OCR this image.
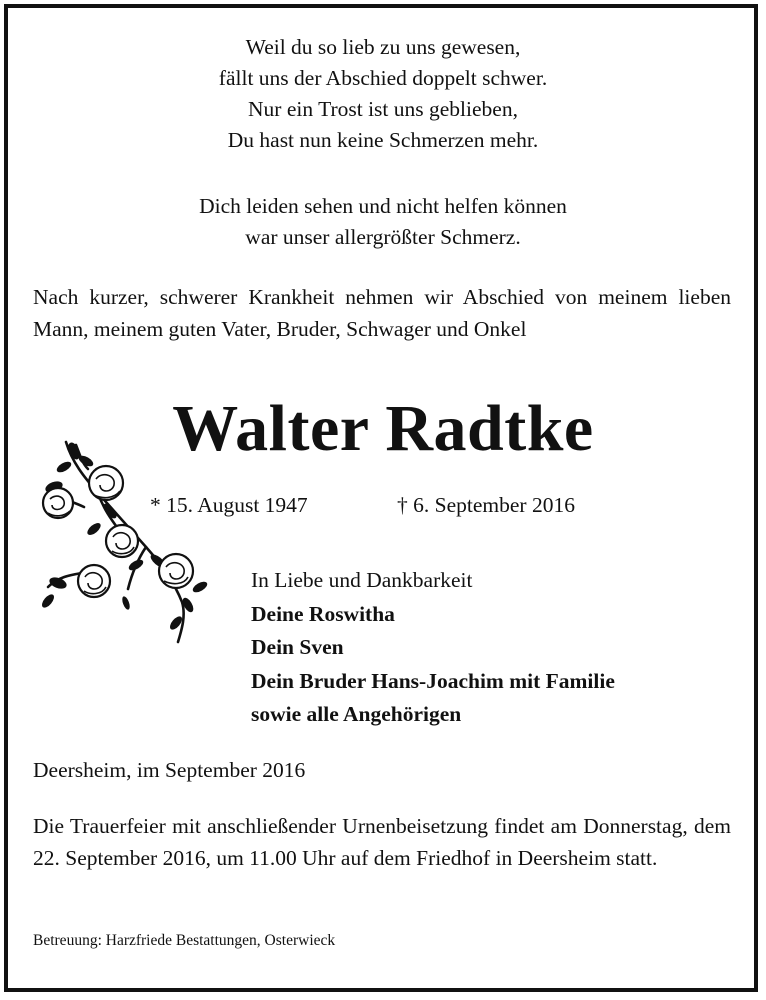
Weil du so lieb zu uns gewesen,
fällt uns der Abschied doppelt schwer.
Nur ein Trost ist uns geblieben,
Du hast nun keine Schmerzen mehr.
Dich leiden sehen und nicht helfen können
war unser allergrößter Schmerz.
Nach kurzer, schwerer Krankheit nehmen wir Abschied von meinem lieben Mann, meinem guten Vater, Bruder, Schwager und Onkel
Walter Radtke
* 15. August 1947	† 6. September 2016
In Liebe und Dankbarkeit
Deine Roswitha
Dein Sven
Dein Bruder Hans-Joachim mit Familie
sowie alle Angehörigen
Deersheim, im September 2016
Die Trauerfeier mit anschließender Urnenbeisetzung findet am Donnerstag, dem 22. September 2016, um 11.00 Uhr auf dem Friedhof in Deersheim statt.
Betreuung: Harzfriede Bestattungen, Osterwieck
